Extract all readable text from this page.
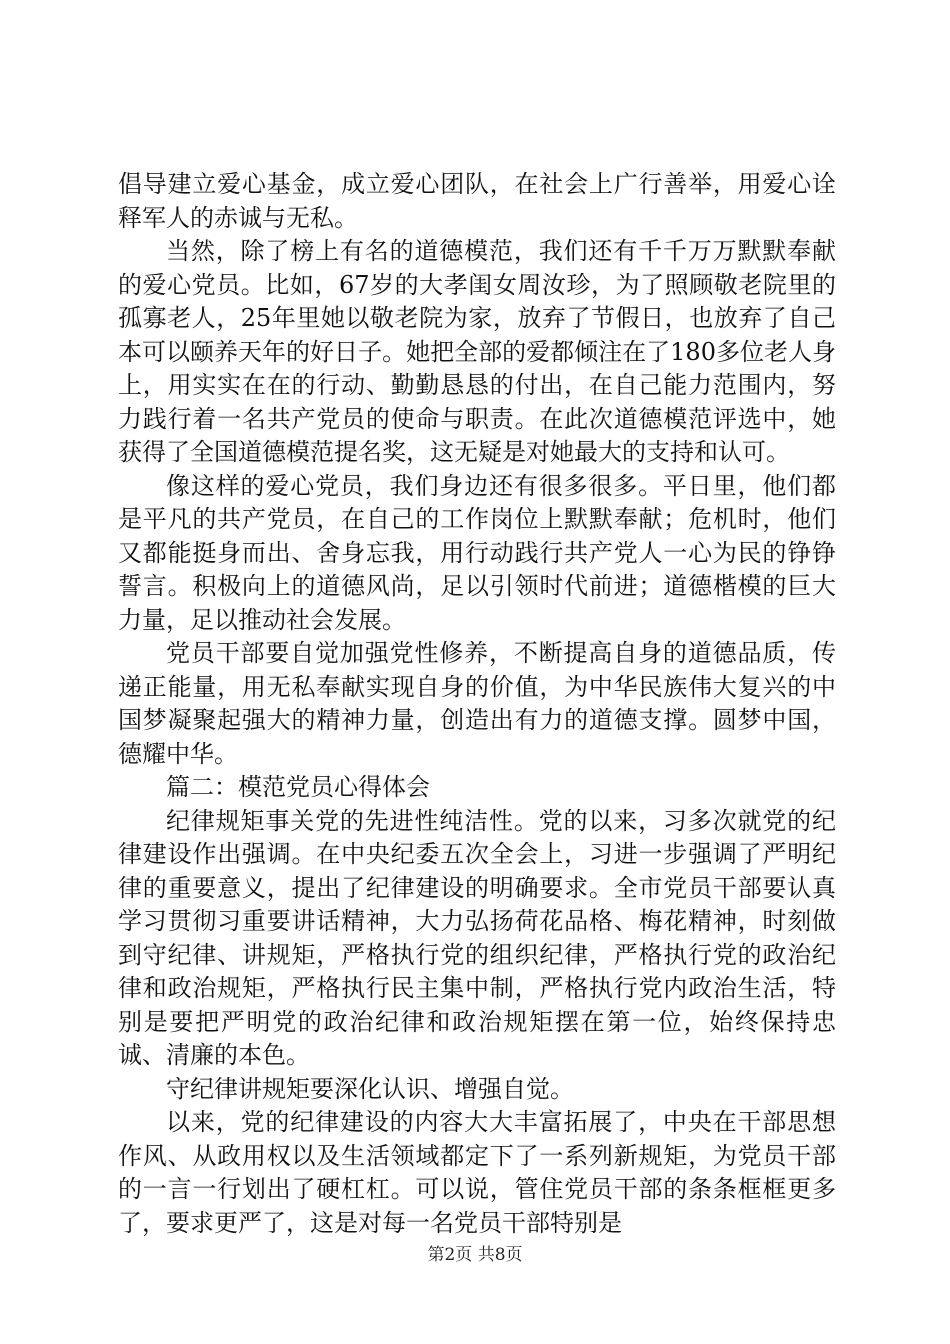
倡导建立爱心基金，成立爱心团队，在社会上广行善举，用爱心诠释军人的赤诚与无私。

当然，除了榜上有名的道德模范，我们还有千千万万默默奉献的爱心党员。比如，67岁的大孝闺女周汝珍，为了照顾敬老院里的孤寡老人，25年里她以敬老院为家，放弃了节假日，也放弃了自己本可以颐养天年的好日子。她把全部的爱都倾注在了180多位老人身上，用实实在在的行动、勤勤恳恳的付出，在自己能力范围内，努力践行着一名共产党员的使命与职责。在此次道德模范评选中，她获得了全国道德模范提名奖，这无疑是对她最大的支持和认可。

像这样的爱心党员，我们身边还有很多很多。平日里，他们都是平凡的共产党员，在自己的工作岗位上默默奉献；危机时，他们又都能挺身而出、舍身忘我，用行动践行共产党人一心为民的铮铮誓言。积极向上的道德风尚，足以引领时代前进；道德楷模的巨大力量，足以推动社会发展。

党员干部要自觉加强党性修养，不断提高自身的道德品质，传递正能量，用无私奉献实现自身的价值，为中华民族伟大复兴的中国梦凝聚起强大的精神力量，创造出有力的道德支撑。圆梦中国，德耀中华。

篇二：模范党员心得体会

纪律规矩事关党的先进性纯洁性。党的以来，习多次就党的纪律建设作出强调。在中央纪委五次全会上，习进一步强调了严明纪律的重要意义，提出了纪律建设的明确要求。全市党员干部要认真学习贯彻习重要讲话精神，大力弘扬荷花品格、梅花精神，时刻做到守纪律、讲规矩，严格执行党的组织纪律，严格执行党的政治纪律和政治规矩，严格执行民主集中制，严格执行党内政治生活，特别是要把严明党的政治纪律和政治规矩摆在第一位，始终保持忠诚、清廉的本色。

守纪律讲规矩要深化认识、增强自觉。

以来，党的纪律建设的内容大大丰富拓展了，中央在干部思想作风、从政用权以及生活领域都定下了一系列新规矩，为党员干部的一言一行划出了硬杠杠。可以说，管住党员干部的条条框框更多了，要求更严了，这是对每一名党员干部特别是

第2页 共8页
